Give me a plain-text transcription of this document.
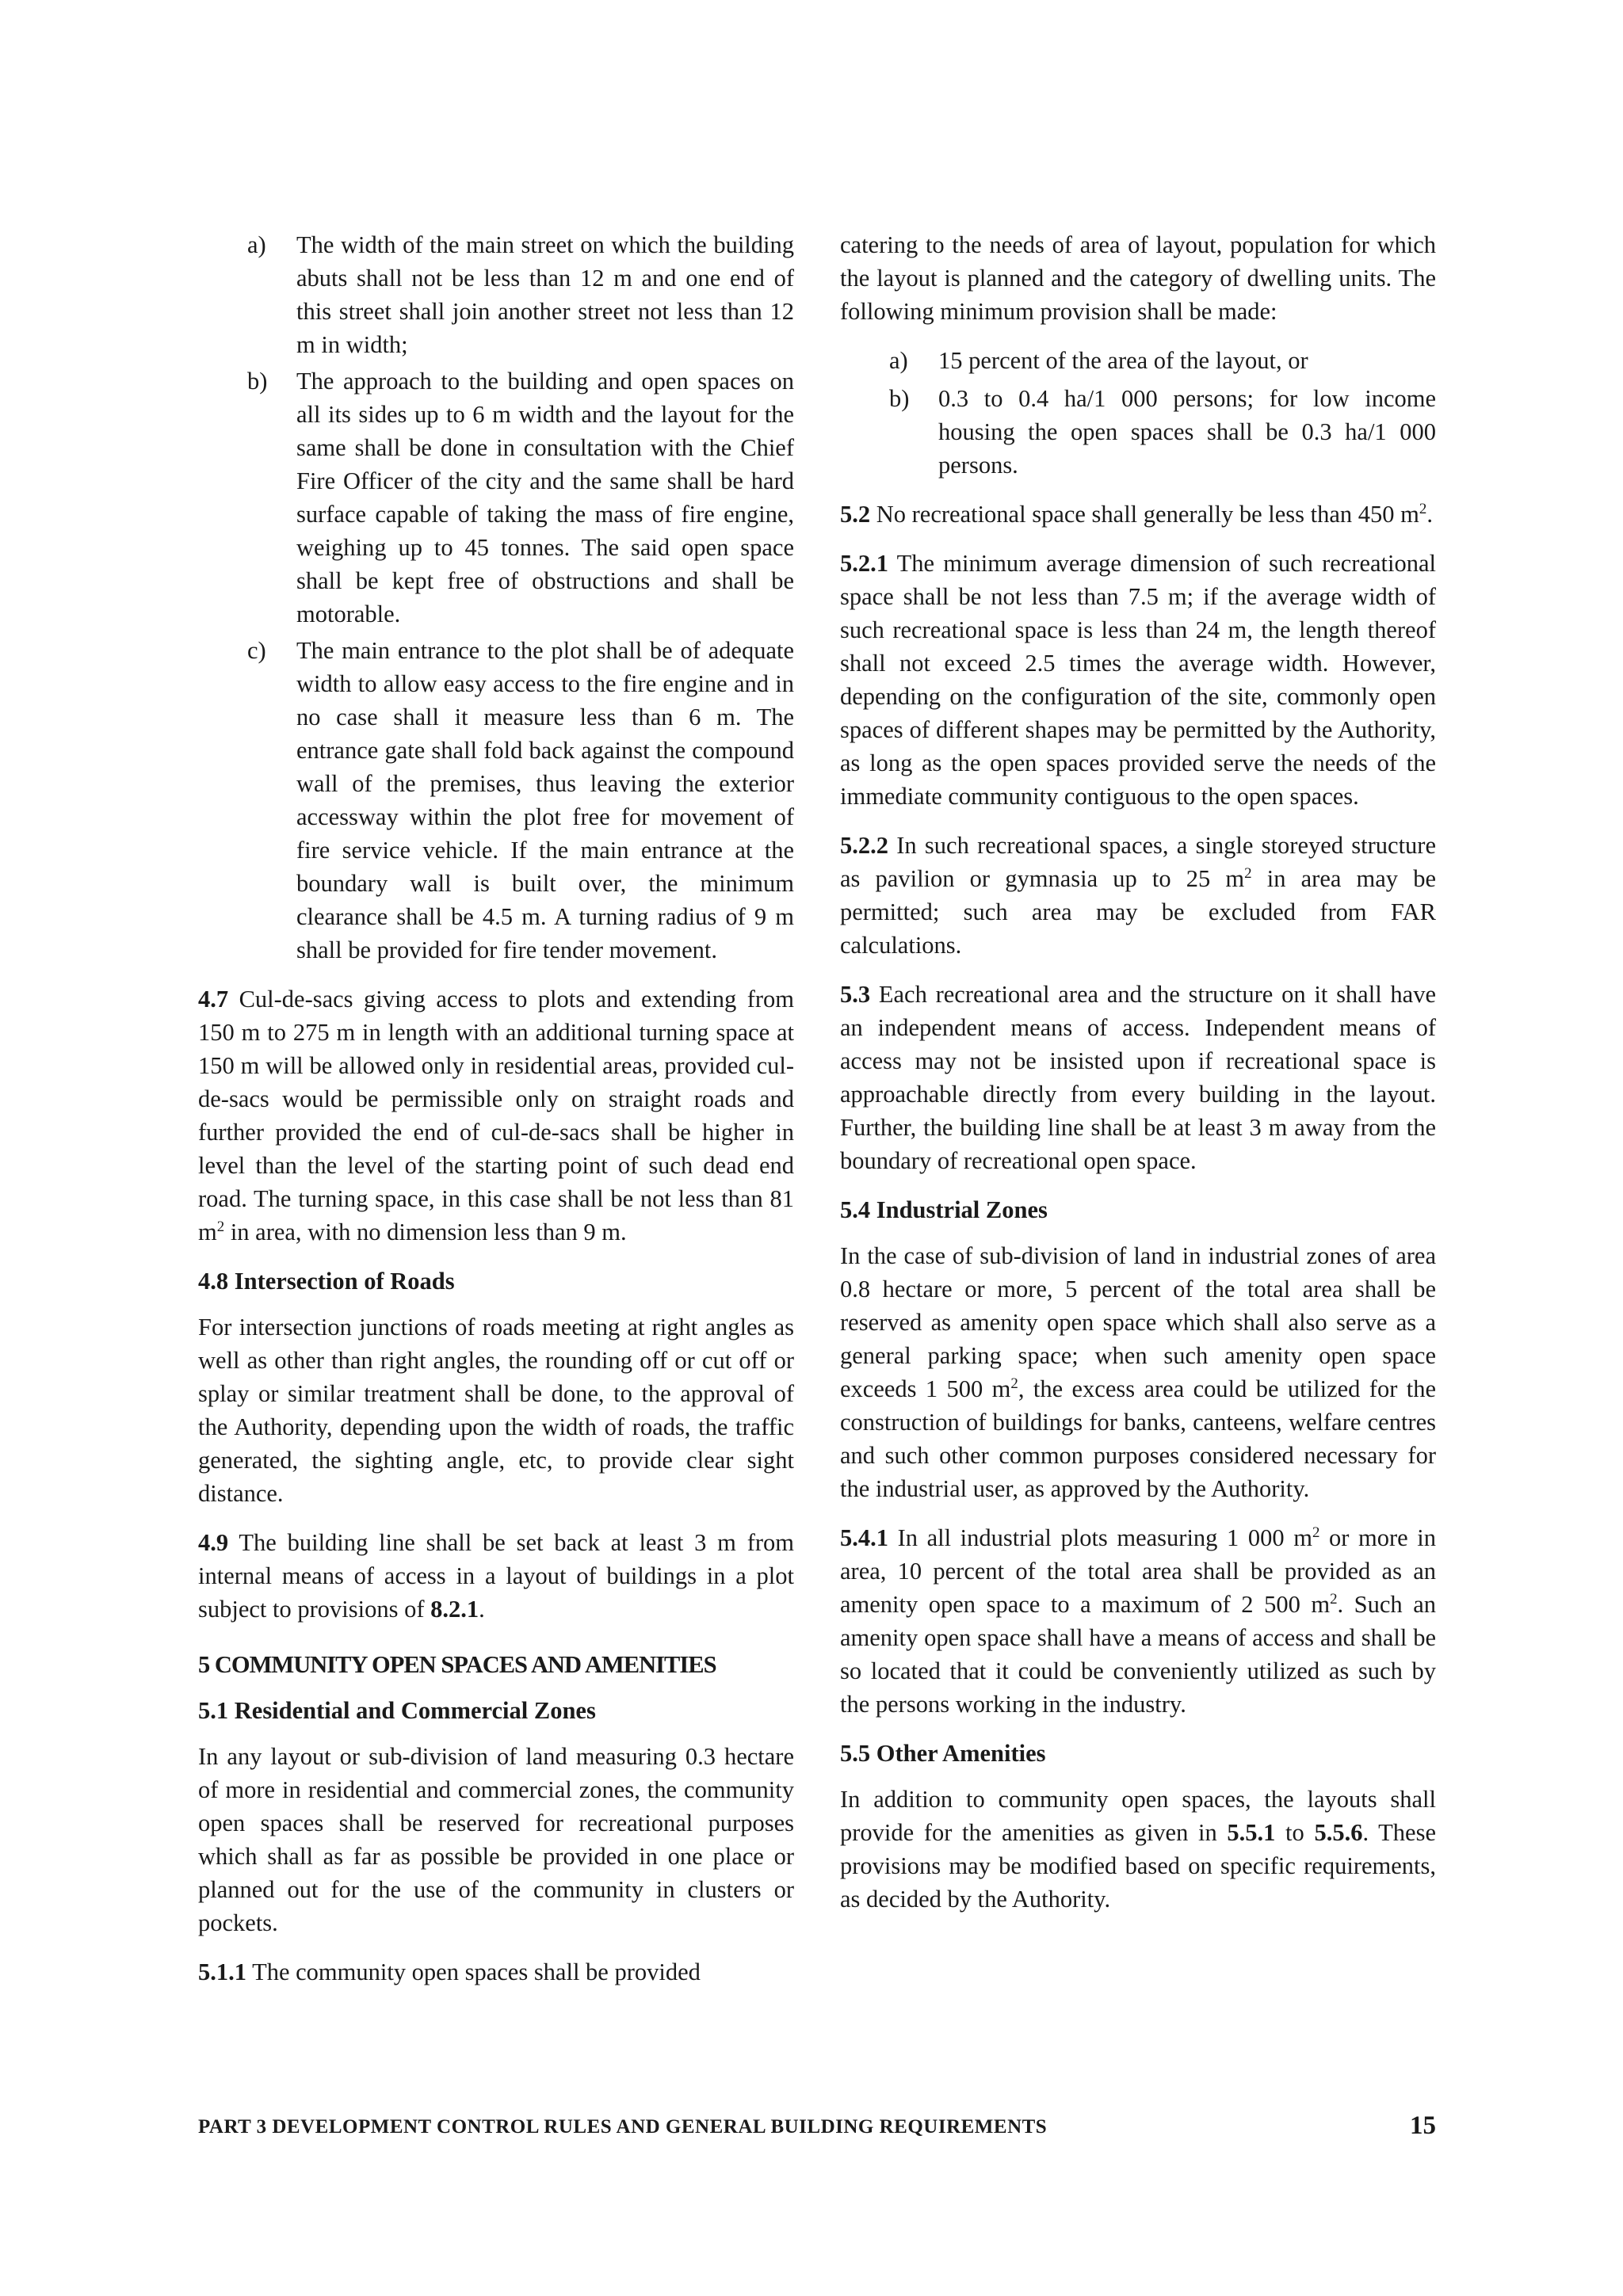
a)	The width of the main street on which the building abuts shall not be less than 12 m and one end of this street shall join another street not less than 12 m in width;
b)	The approach to the building and open spaces on all its sides up to 6 m width and the layout for the same shall be done in consultation with the Chief Fire Officer of the city and the same shall be hard surface capable of taking the mass of fire engine, weighing up to 45 tonnes. The said open space shall be kept free of obstructions and shall be motorable.
c)	The main entrance to the plot shall be of adequate width to allow easy access to the fire engine and in no case shall it measure less than 6 m. The entrance gate shall fold back against the compound wall of the premises, thus leaving the exterior accessway within the plot free for movement of fire service vehicle. If the main entrance at the boundary wall is built over, the minimum clearance shall be 4.5 m. A turning radius of 9 m shall be provided for fire tender movement.

4.7 Cul-de-sacs giving access to plots and extending from 150 m to 275 m in length with an additional turning space at 150 m will be allowed only in residential areas, provided cul-de-sacs would be permissible only on straight roads and further provided the end of cul-de-sacs shall be higher in level than the level of the starting point of such dead end road. The turning space, in this case shall be not less than 81 $m^2$ in area, with no dimension less than 9 m.

4.8 Intersection of Roads

For intersection junctions of roads meeting at right angles as well as other than right angles, the rounding off or cut off or splay or similar treatment shall be done, to the approval of the Authority, depending upon the width of roads, the traffic generated, the sighting angle, etc, to provide clear sight distance.

4.9 The building line shall be set back at least 3 m from internal means of access in a layout of buildings in a plot subject to provisions of 8.2.1.

5 COMMUNITY OPEN SPACES AND AMENITIES
5.1 Residential and Commercial Zones

In any layout or sub-division of land measuring 0.3 hectare of more in residential and commercial zones, the community open spaces shall be reserved for recreational purposes which shall as far as possible be provided in one place or planned out for the use of the community in clusters or pockets.

5.1.1 The community open spaces shall be provided

catering to the needs of area of layout, population for which the layout is planned and the category of dwelling units. The following minimum provision shall be made:

a)	15 percent of the area of the layout, or
b)	0.3 to 0.4 ha/1 000 persons; for low income housing the open spaces shall be 0.3 ha/1 000 persons.

5.2 No recreational space shall generally be less than 450 $m^2$.

5.2.1 The minimum average dimension of such recreational space shall be not less than 7.5 m; if the average width of such recreational space is less than 24 m, the length thereof shall not exceed 2.5 times the average width. However, depending on the configuration of the site, commonly open spaces of different shapes may be permitted by the Authority, as long as the open spaces provided serve the needs of the immediate community contiguous to the open spaces.

5.2.2 In such recreational spaces, a single storeyed structure as pavilion or gymnasia up to 25 $m^2$ in area may be permitted; such area may be excluded from FAR calculations.

5.3 Each recreational area and the structure on it shall have an independent means of access. Independent means of access may not be insisted upon if recreational space is approachable directly from every building in the layout. Further, the building line shall be at least 3 m away from the boundary of recreational open space.

5.4 Industrial Zones

In the case of sub-division of land in industrial zones of area 0.8 hectare or more, 5 percent of the total area shall be reserved as amenity open space which shall also serve as a general parking space; when such amenity open space exceeds 1 500 $m^2$, the excess area could be utilized for the construction of buildings for banks, canteens, welfare centres and such other common purposes considered necessary for the industrial user, as approved by the Authority.

5.4.1 In all industrial plots measuring 1 000 $m^2$ or more in area, 10 percent of the total area shall be provided as an amenity open space to a maximum of 2 500 $m^2$. Such an amenity open space shall have a means of access and shall be so located that it could be conveniently utilized as such by the persons working in the industry.

5.5 Other Amenities

In addition to community open spaces, the layouts shall provide for the amenities as given in 5.5.1 to 5.5.6. These provisions may be modified based on specific requirements, as decided by the Authority.

PART 3 DEVELOPMENT CONTROL RULES AND GENERAL BUILDING REQUIREMENTS	15
